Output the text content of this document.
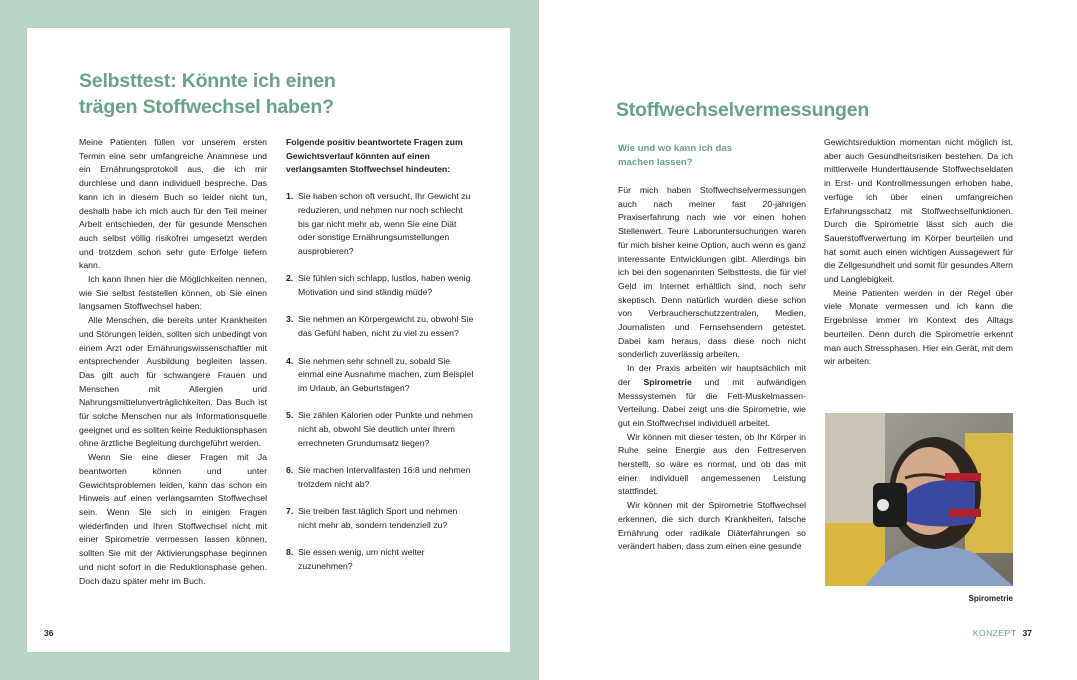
Selbsttest: Könnte ich einen
trägen Stoffwechsel haben?

Meine Patienten füllen vor unserem ersten Termin eine sehr umfangreiche Anamnese und ein Ernährungsprotokoll aus, die ich mir durchlese und dann individuell bespreche. Das kann ich in diesem Buch so leider nicht tun, deshalb habe ich mich auch für den Teil meiner Arbeit entschieden, der für gesunde Menschen auch selbst völlig risikofrei umgesetzt werden und trotzdem schon sehr gute Erfolge liefern kann.

Ich kann Ihnen hier die Möglichkeiten nennen, wie Sie selbst feststellen können, ob Sie einen langsamen Stoffwechsel haben:

Alle Menschen, die bereits unter Krankheiten und Störungen leiden, sollten sich unbedingt von einem Arzt oder Ernährungswissenschaftler mit entsprechender Ausbildung begleiten lassen. Das gilt auch für schwangere Frauen und Menschen mit Allergien und Nahrungsmittelunverträglichkeiten. Das Buch ist für solche Menschen nur als Informationsquelle geeignet und es sollten keine Reduktionsphasen ohne ärztliche Begleitung durchgeführt werden.

Wenn Sie eine dieser Fragen mit Ja beantworten können und unter Gewichtsproblemen leiden, kann das schon ein Hinweis auf einen verlangsamten Stoffwechsel sein. Wenn Sie sich in einigen Fragen wiederfinden und Ihren Stoffwechsel nicht mit einer Spirometrie vermessen lassen können, sollten Sie mit der Aktivierungsphase beginnen und nicht sofort in die Reduktionsphase gehen. Doch dazu später mehr im Buch.

Folgende positiv beantwortete Fragen zum Gewichtsverlauf könnten auf einen verlangsamten Stoffwechsel hindeuten:

1. Sie haben schon oft versucht, Ihr Gewicht zu reduzieren, und nehmen nur noch schlecht bis gar nicht mehr ab, wenn Sie eine Diät oder sonstige Ernährungsumstellungen ausprobieren?
2. Sie fühlen sich schlapp, lustlos, haben wenig Motivation und sind ständig müde?
3. Sie nehmen an Körpergewicht zu, obwohl Sie das Gefühl haben, nicht zu viel zu essen?
4. Sie nehmen sehr schnell zu, sobald Sie einmal eine Ausnahme machen, zum Beispiel im Urlaub, an Geburtstagen?
5. Sie zählen Kalorien oder Punkte und nehmen nicht ab, obwohl Sie deutlich unter Ihrem errechneten Grundumsatz liegen?
6. Sie machen Intervallfasten 16:8 und nehmen trotzdem nicht ab?
7. Sie treiben fast täglich Sport und nehmen nicht mehr ab, sondern tendenziell zu?
8. Sie essen wenig, um nicht weiter zuzunehmen?
36
Stoffwechselvermessungen
Wie und wo kann ich das
machen lassen?

Für mich haben Stoffwechselvermessungen auch nach meiner fast 20-jährigen Praxiserfahrung nach wie vor einen hohen Stellenwert. Teure Laboruntersuchungen waren für mich bisher keine Option, auch wenn es ganz interessante Entwicklungen gibt. Allerdings bin ich bei den sogenannten Selbsttests, die für viel Geld im Internet erhältlich sind, noch sehr skeptisch. Denn natürlich wurden diese schon von Verbraucherschutzzentralen, Medien, Journalisten und Fernsehsendern getestet. Dabei kam heraus, dass diese noch nicht sonderlich zuverlässig arbeiten.

In der Praxis arbeiten wir hauptsächlich mit der Spirometrie und mit aufwändigen Messsystemen für die Fett-Muskelmassen-Verteilung. Dabei zeigt uns die Spirometrie, wie gut ein Stoffwechsel individuell arbeitet.

Wir können mit dieser testen, ob Ihr Körper in Ruhe seine Energie aus den Fettreserven herstellt, so wäre es normal, und ob das mit einer individuell angemessenen Leistung stattfindet.

Wir können mit der Spirometrie Stoffwechsel erkennen, die sich durch Krankheiten, falsche Ernährung oder radikale Diäterfahrungen so verändert haben, dass zum einen eine gesunde

Gewichtsreduktion momentan nicht möglich ist, aber auch Gesundheitsrisiken bestehen. Da ich mittlerweile Hunderttausende Stoffwechseldaten in Erst- und Kontrollmessungen erhoben habe, verfüge ich über einen umfangreichen Erfahrungsschatz mit Stoffwechselfunktionen. Durch die Spirometrie lässt sich auch die Sauerstoffverwertung im Körper beurteilen und hat somit auch einen wichtigen Aussagewert für die Zellgesundheit und somit für gesundes Altern und Langlebigkeit.

Meine Patienten werden in der Regel über viele Monate vermessen und ich kann die Ergebnisse immer im Kontext des Alltags beurteilen. Denn durch die Spirometrie erkennt man auch Stressphasen. Hier ein Gerät, mit dem wir arbeiten:

Spirometrie
KONZEPT 37
